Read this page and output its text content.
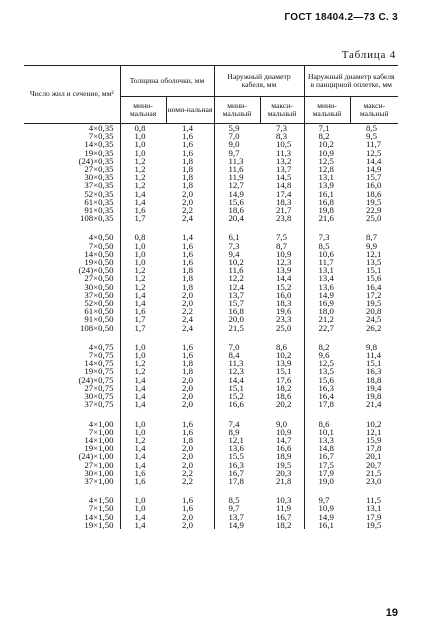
ГОСТ 18404.2—73 С. 3
Таблица 4
Число жил и сечение, мм²	Толщина оболочки, мм		Наружный диаметр кабеля, мм		Наружный диаметр кабеля в панцирной оплетке, мм	
	мини-мальная	номи-нальная	мини-мальный	макси-мальный	мини-мальный	макси-мальный
4×0,35	0,8	1,4	5,9	7,3	7,1	8,5
7×0,35	1,0	1,6	7,0	8,3	8,2	9,5
14×0,35	1,0	1,6	9,0	10,5	10,2	11,7
19×0,35	1,0	1,6	9,7	11,3	10,9	12,5
(24)×0,35	1,2	1,8	11,3	13,2	12,5	14,4
27×0,35	1,2	1,8	11,6	13,7	12,8	14,9
30×0,35	1,2	1,8	11,9	14,5	13,1	15,7
37×0,35	1,2	1,8	12,7	14,8	13,9	16,0
52×0,35	1,4	2,0	14,9	17,4	16,1	18,6
61×0,35	1,4	2,0	15,6	18,3	16,8	19,5
91×0,35	1,6	2,2	18,6	21,7	19,8	22,9
108×0,35	1,7	2,4	20,4	23,8	21,6	25,0

4×0,50	0,8	1,4	6,1	7,5	7,3	8,7
7×0,50	1,0	1,6	7,3	8,7	8,5	9,9
14×0,50	1,0	1,6	9,4	10,9	10,6	12,1
19×0,50	1,0	1,6	10,2	12,3	11,7	13,5
(24)×0,50	1,2	1,8	11,6	13,9	13,1	15,1
27×0,50	1,2	1,8	12,2	14,4	13,4	15,6
30×0,50	1,2	1,8	12,4	15,2	13,6	16,4
37×0,50	1,4	2,0	13,7	16,0	14,9	17,2
52×0,50	1,4	2,0	15,7	18,3	16,9	19,5
61×0,50	1,6	2,2	16,8	19,6	18,0	20,8
91×0,50	1,7	2,4	20,0	23,3	21,2	24,5
108×0,50	1,7	2,4	21,5	25,0	22,7	26,2

4×0,75	1,0	1,6	7,0	8,6	8,2	9,8
7×0,75	1,0	1,6	8,4	10,2	9,6	11,4
14×0,75	1,2	1,8	11,3	13,9	12,5	15,1
19×0,75	1,2	1,8	12,3	15,1	13,5	16,3
(24)×0,75	1,4	2,0	14,4	17,6	15,6	18,8
27×0,75	1,4	2,0	15,1	18,2	16,3	19,4
30×0,75	1,4	2,0	15,2	18,6	16,4	19,8
37×0,75	1,4	2,0	16,6	20,2	17,8	21,4

4×1,00	1,0	1,6	7,4	9,0	8,6	10,2
7×1,00	1,0	1,6	8,9	10,9	10,1	12,1
14×1,00	1,2	1,8	12,1	14,7	13,3	15,9
19×1,00	1,4	2,0	13,6	16,6	14,8	17,8
(24)×1,00	1,4	2,0	15,5	18,9	16,7	20,1
27×1,00	1,4	2,0	16,3	19,5	17,5	20,7
30×1,00	1,6	2,2	16,7	20,3	17,9	21,5
37×1,00	1,6	2,2	17,8	21,8	19,0	23,0

4×1,50	1,0	1,6	8,5	10,3	9,7	11,5
7×1,50	1,0	1,6	9,7	11,9	10,9	13,1
14×1,50	1,4	2,0	13,7	16,7	14,9	17,9
19×1,50	1,4	2,0	14,9	18,2	16,1	19,5
19
